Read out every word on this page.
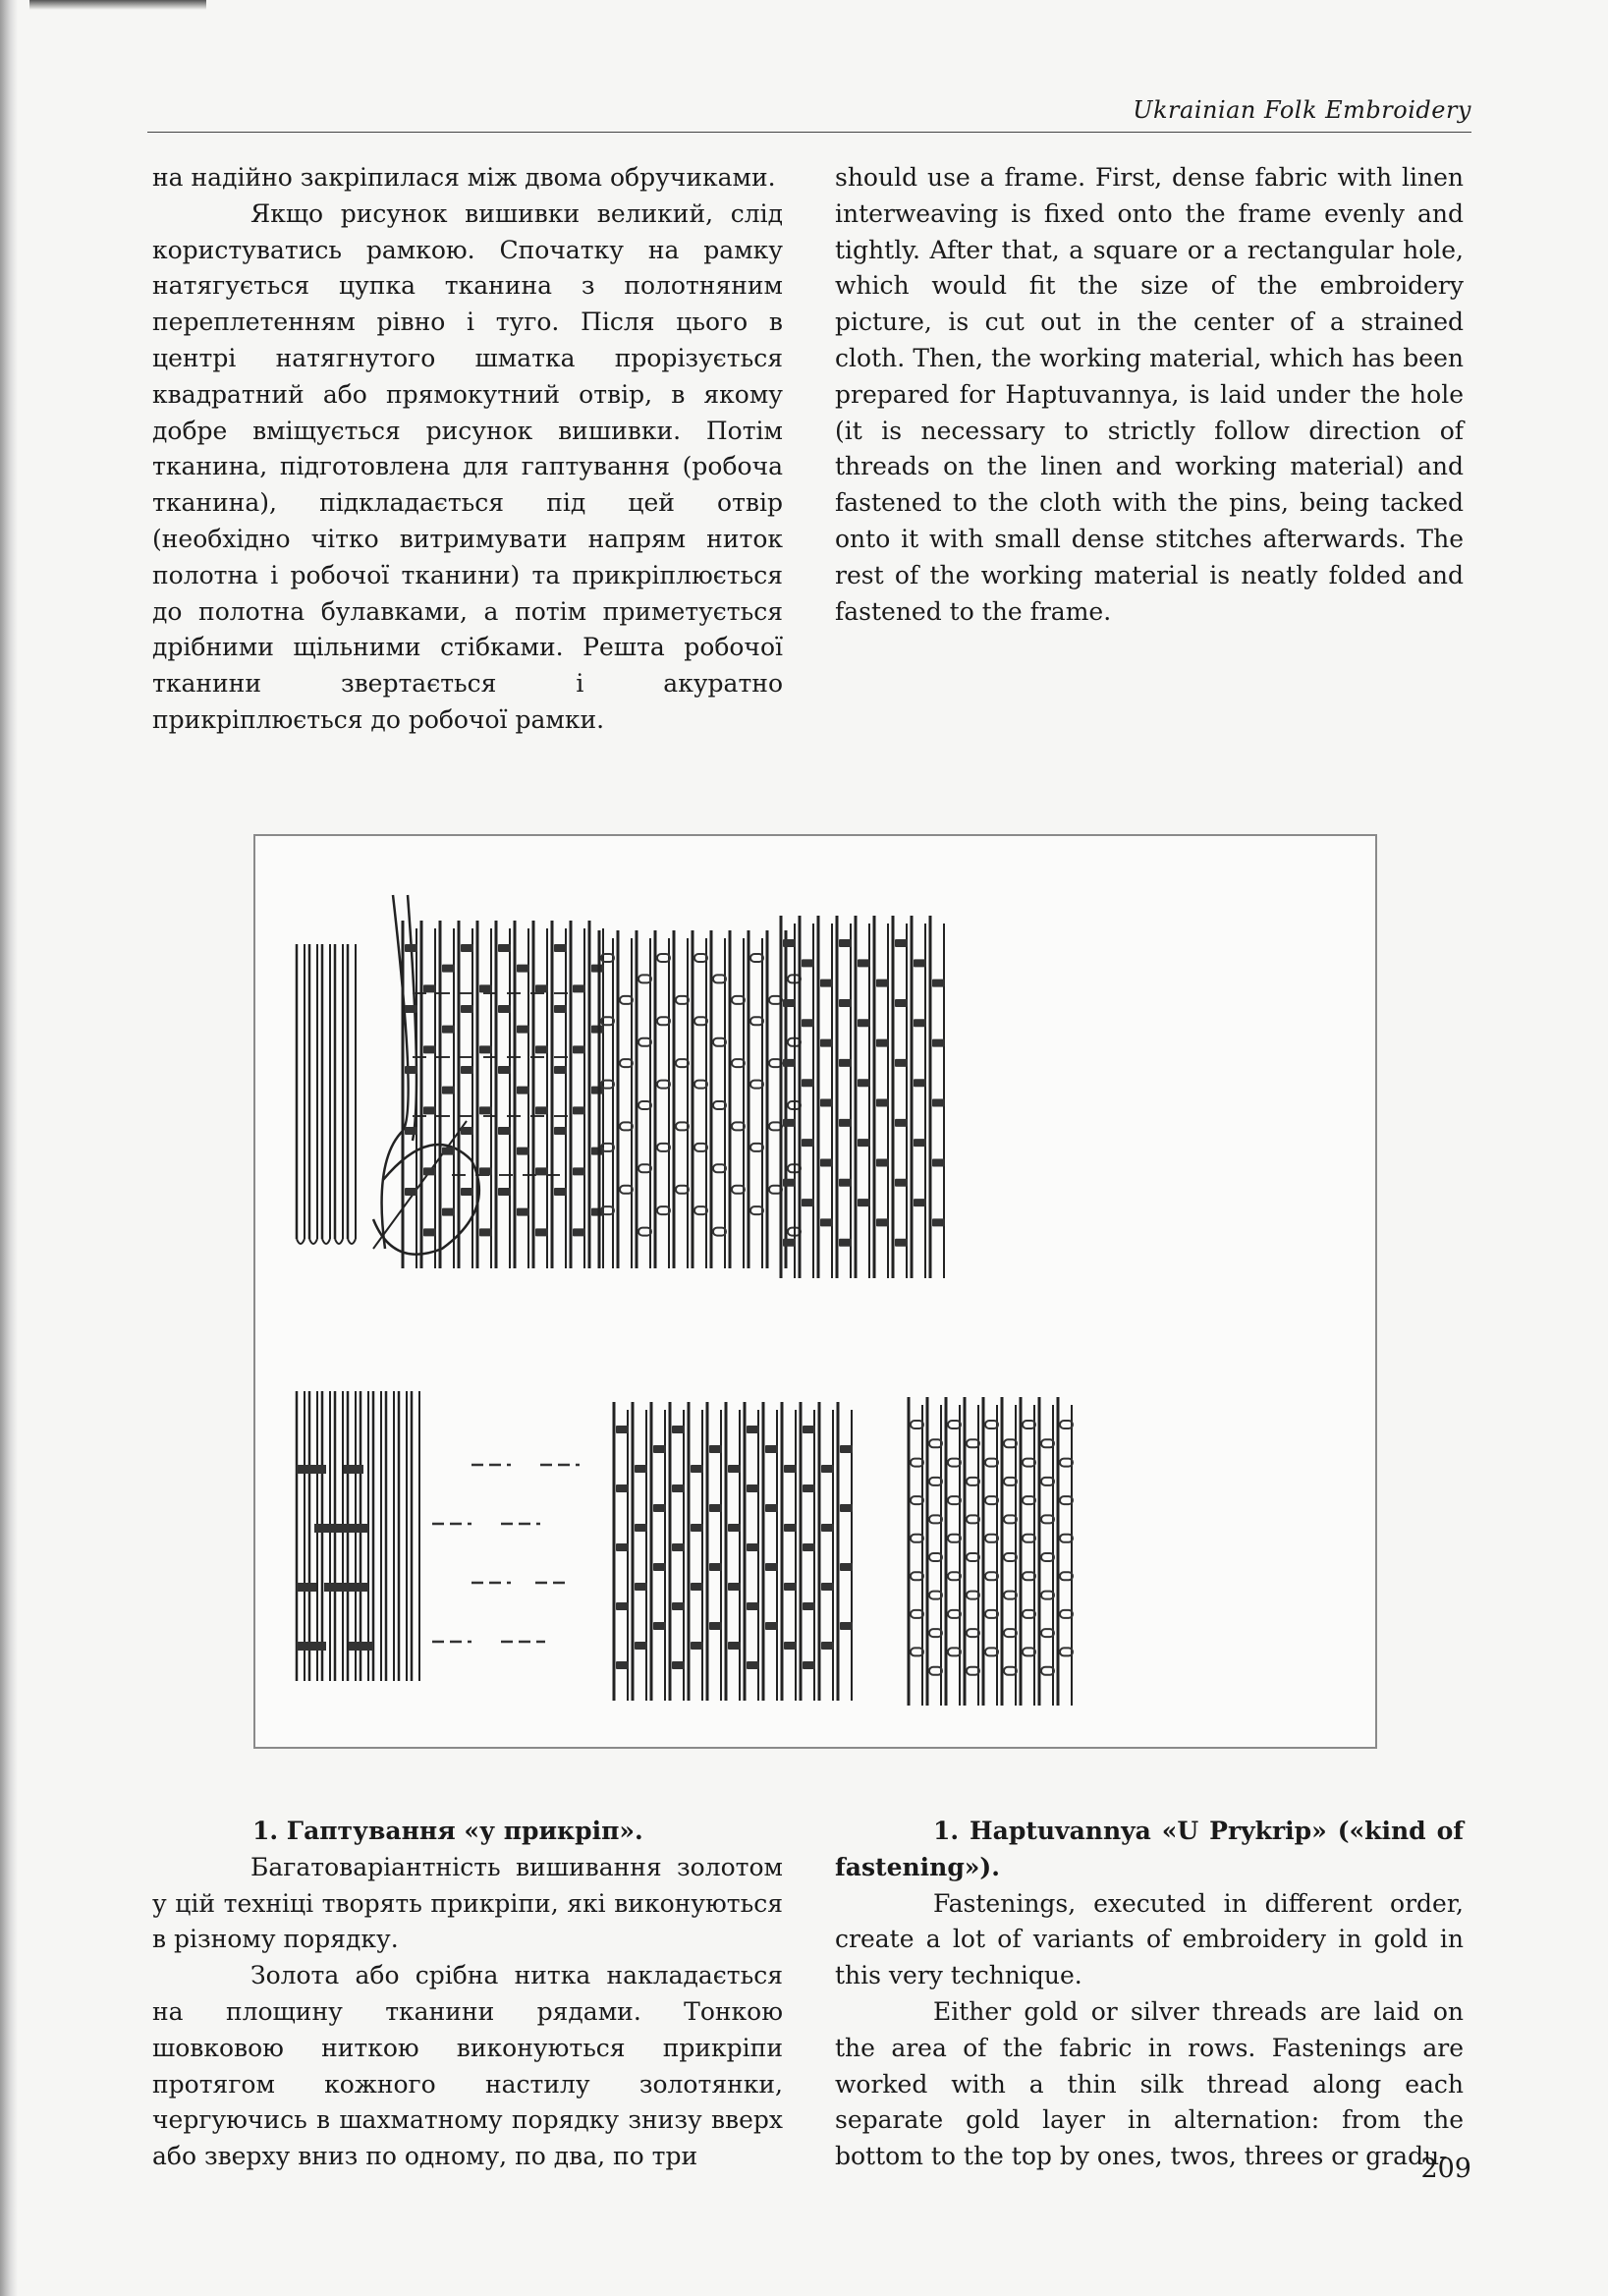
Ukrainian Folk Embroidery

на надійно закріпилася між двома обручиками.

Якщо рисунок вишивки великий, слід користуватись рамкою. Спочатку на рамку натягується цупка тканина з полотняним переплетенням рівно і туго. Після цього в центрі натягнутого шматка прорізується квадратний або прямокутний отвір, в якому добре вміщується рисунок вишивки. Потім тканина, підготовлена для гаптування (робоча тканина), підкладається під цей отвір (необхідно чітко витримувати напрям ниток полотна і робочої тканини) та прикріплюється до полотна булавками, а потім приметується дрібними щільними стібками. Решта робочої тканини звертається і акуратно прикріплюється до робочої рамки.

should use a frame. First, dense fabric with linen interweaving is fixed onto the frame evenly and tightly. After that, a square or a rectangular hole, which would fit the size of the embroidery picture, is cut out in the center of a strained cloth. Then, the working material, which has been prepared for Haptuvannya, is laid under the hole (it is necessary to strictly follow direction of threads on the linen and working material) and fastened to the cloth with the pins, being tacked onto it with small dense stitches afterwards. The rest of the working material is neatly folded and fastened to the frame.

1. Гаптування «у прикріп».

Багатоваріантність вишивання золотом у цій техніці творять прикріпи, які виконуються в різному порядку.

Золота або срібна нитка накладається на площину тканини рядами. Тонкою шовковою ниткою виконуються прикріпи протягом кожного настилу золотянки, чергуючись в шахматному порядку знизу вверх або зверху вниз по одному, по два, по три

1. Haptuvannya «U Prykrip» («kind of fastening»).

Fastenings, executed in different order, create a lot of variants of embroidery in gold in this very technique.

Either gold or silver threads are laid on the area of the fabric in rows. Fastenings are worked with a thin silk thread along each separate gold layer in alternation: from the bottom to the top by ones, twos, threes or gradu-

209
